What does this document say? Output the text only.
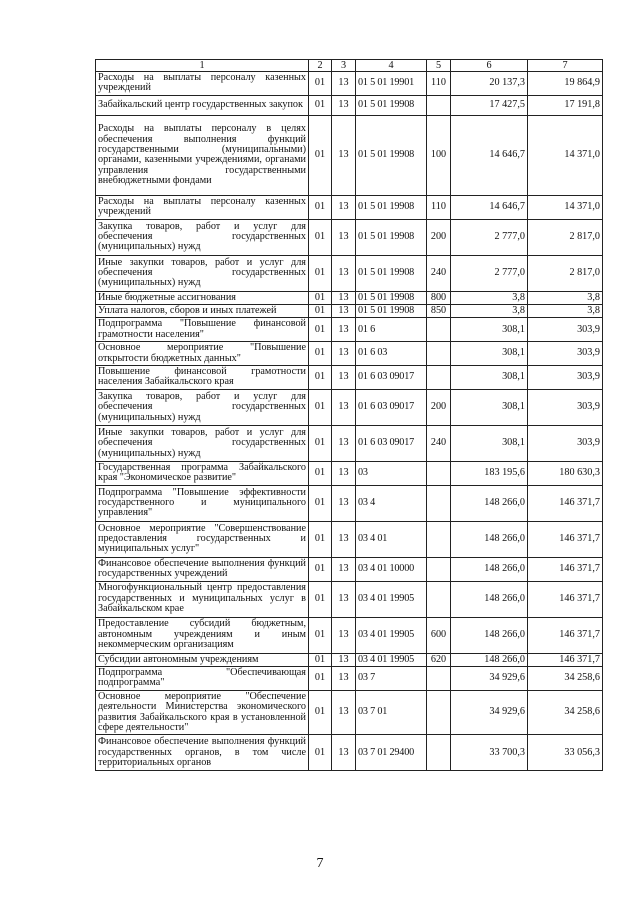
1	2	3	4	5	6	7
Расходы на выплаты персоналу казенных учреждений	01	13	01 5 01 19901	110	20 137,3	19 864,9
Забайкальский центр государственных закупок	01	13	01 5 01 19908		17 427,5	17 191,8
Расходы на выплаты персоналу в целях обеспечения выполнения функций государственными (муниципальными) органами, казенными учреждениями, органами управления государственными внебюджетными фондами	01	13	01 5 01 19908	100	14 646,7	14 371,0
Расходы на выплаты персоналу казенных учреждений	01	13	01 5 01 19908	110	14 646,7	14 371,0
Закупка товаров, работ и услуг для обеспечения государственных (муниципальных) нужд	01	13	01 5 01 19908	200	2 777,0	2 817,0
Иные закупки товаров, работ и услуг для обеспечения государственных (муниципальных) нужд	01	13	01 5 01 19908	240	2 777,0	2 817,0
Иные бюджетные ассигнования	01	13	01 5 01 19908	800	3,8	3,8
Уплата налогов, сборов и иных платежей	01	13	01 5 01 19908	850	3,8	3,8
Подпрограмма "Повышение финансовой грамотности населения"	01	13	01 6		308,1	303,9
Основное мероприятие "Повышение открытости бюджетных данных"	01	13	01 6 03		308,1	303,9
Повышение финансовой грамотности населения Забайкальского края	01	13	01 6 03 09017		308,1	303,9
Закупка товаров, работ и услуг для обеспечения государственных (муниципальных) нужд	01	13	01 6 03 09017	200	308,1	303,9
Иные закупки товаров, работ и услуг для обеспечения государственных (муниципальных) нужд	01	13	01 6 03 09017	240	308,1	303,9
Государственная программа Забайкальского края "Экономическое развитие"	01	13	03		183 195,6	180 630,3
Подпрограмма "Повышение эффективности государственного и муниципального управления"	01	13	03 4		148 266,0	146 371,7
Основное мероприятие "Совершенствование предоставления государственных и муниципальных услуг"	01	13	03 4 01		148 266,0	146 371,7
Финансовое обеспечение выполнения функций государственных учреждений	01	13	03 4 01 10000		148 266,0	146 371,7
Многофункциональный центр предоставления государственных и муниципальных услуг в Забайкальском крае	01	13	03 4 01 19905		148 266,0	146 371,7
Предоставление субсидий бюджетным, автономным учреждениям и иным некоммерческим организациям	01	13	03 4 01 19905	600	148 266,0	146 371,7
Субсидии автономным учреждениям	01	13	03 4 01 19905	620	148 266,0	146 371,7
Подпрограмма "Обеспечивающая подпрограмма"	01	13	03 7		34 929,6	34 258,6
Основное мероприятие "Обеспечение деятельности Министерства экономического развития Забайкальского края в установленной сфере деятельности"	01	13	03 7 01		34 929,6	34 258,6
Финансовое обеспечение выполнения функций государственных органов, в том числе территориальных органов	01	13	03 7 01 29400		33 700,3	33 056,3
7
